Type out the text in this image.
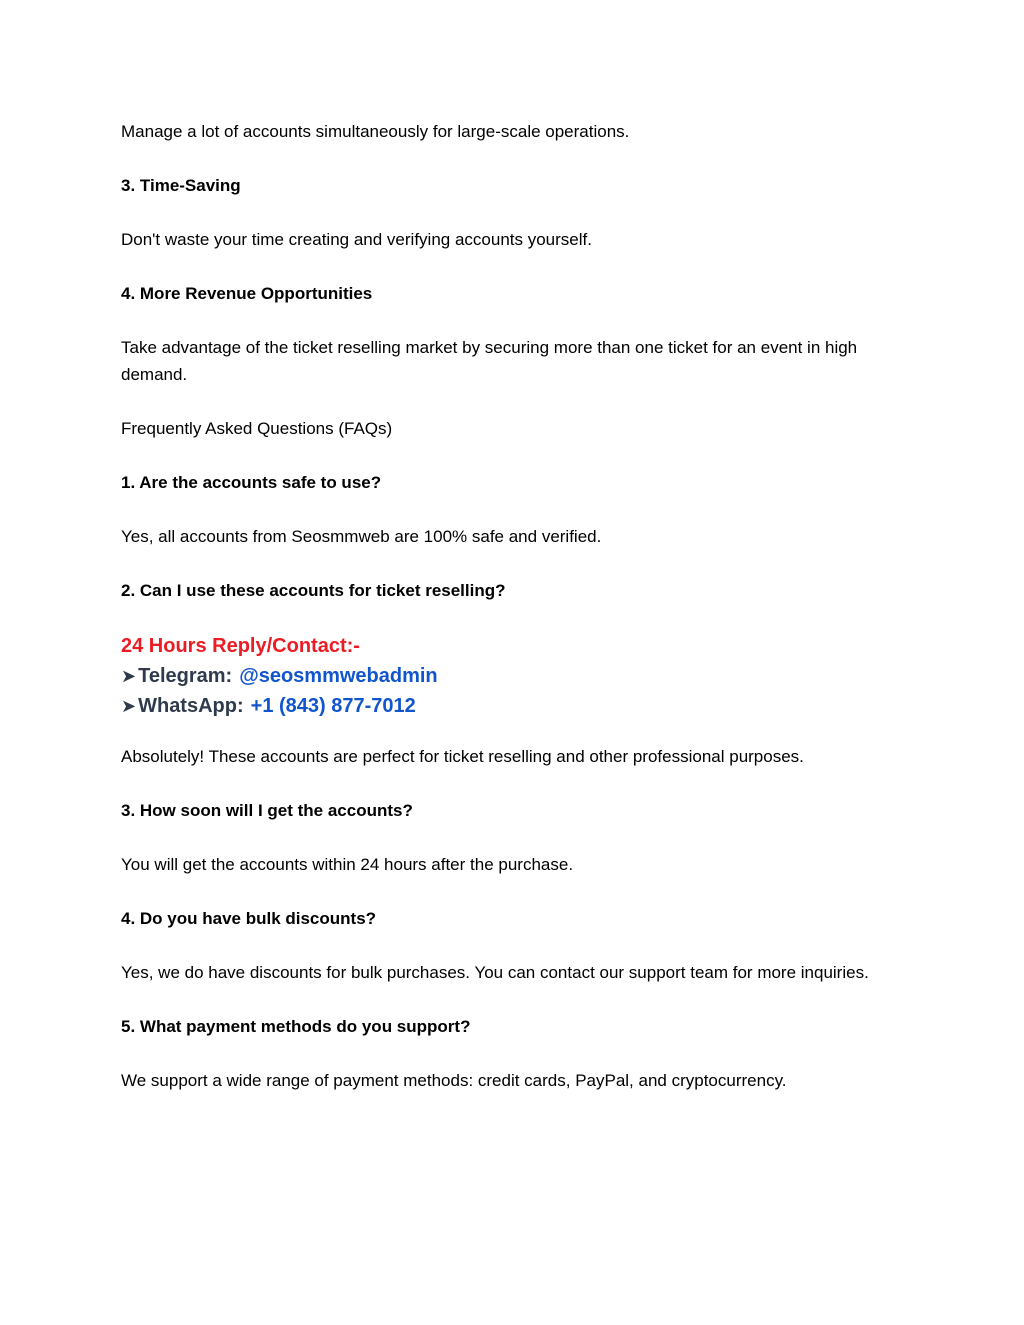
Manage a lot of accounts simultaneously for large-scale operations.

3. Time-Saving

Don't waste your time creating and verifying accounts yourself.

4. More Revenue Opportunities

Take advantage of the ticket reselling market by securing more than one ticket for an event in high demand.

Frequently Asked Questions (FAQs)

1. Are the accounts safe to use?

Yes, all accounts from Seosmmweb are 100% safe and verified.

2. Can I use these accounts for ticket reselling?

24 Hours Reply/Contact:-
➤ Telegram: @seosmmwebadmin
➤ WhatsApp: +1 (843) 877-7012

Absolutely! These accounts are perfect for ticket reselling and other professional purposes.

3. How soon will I get the accounts?

You will get the accounts within 24 hours after the purchase.

4. Do you have bulk discounts?

Yes, we do have discounts for bulk purchases. You can contact our support team for more inquiries.

5. What payment methods do you support?

We support a wide range of payment methods: credit cards, PayPal, and cryptocurrency.
